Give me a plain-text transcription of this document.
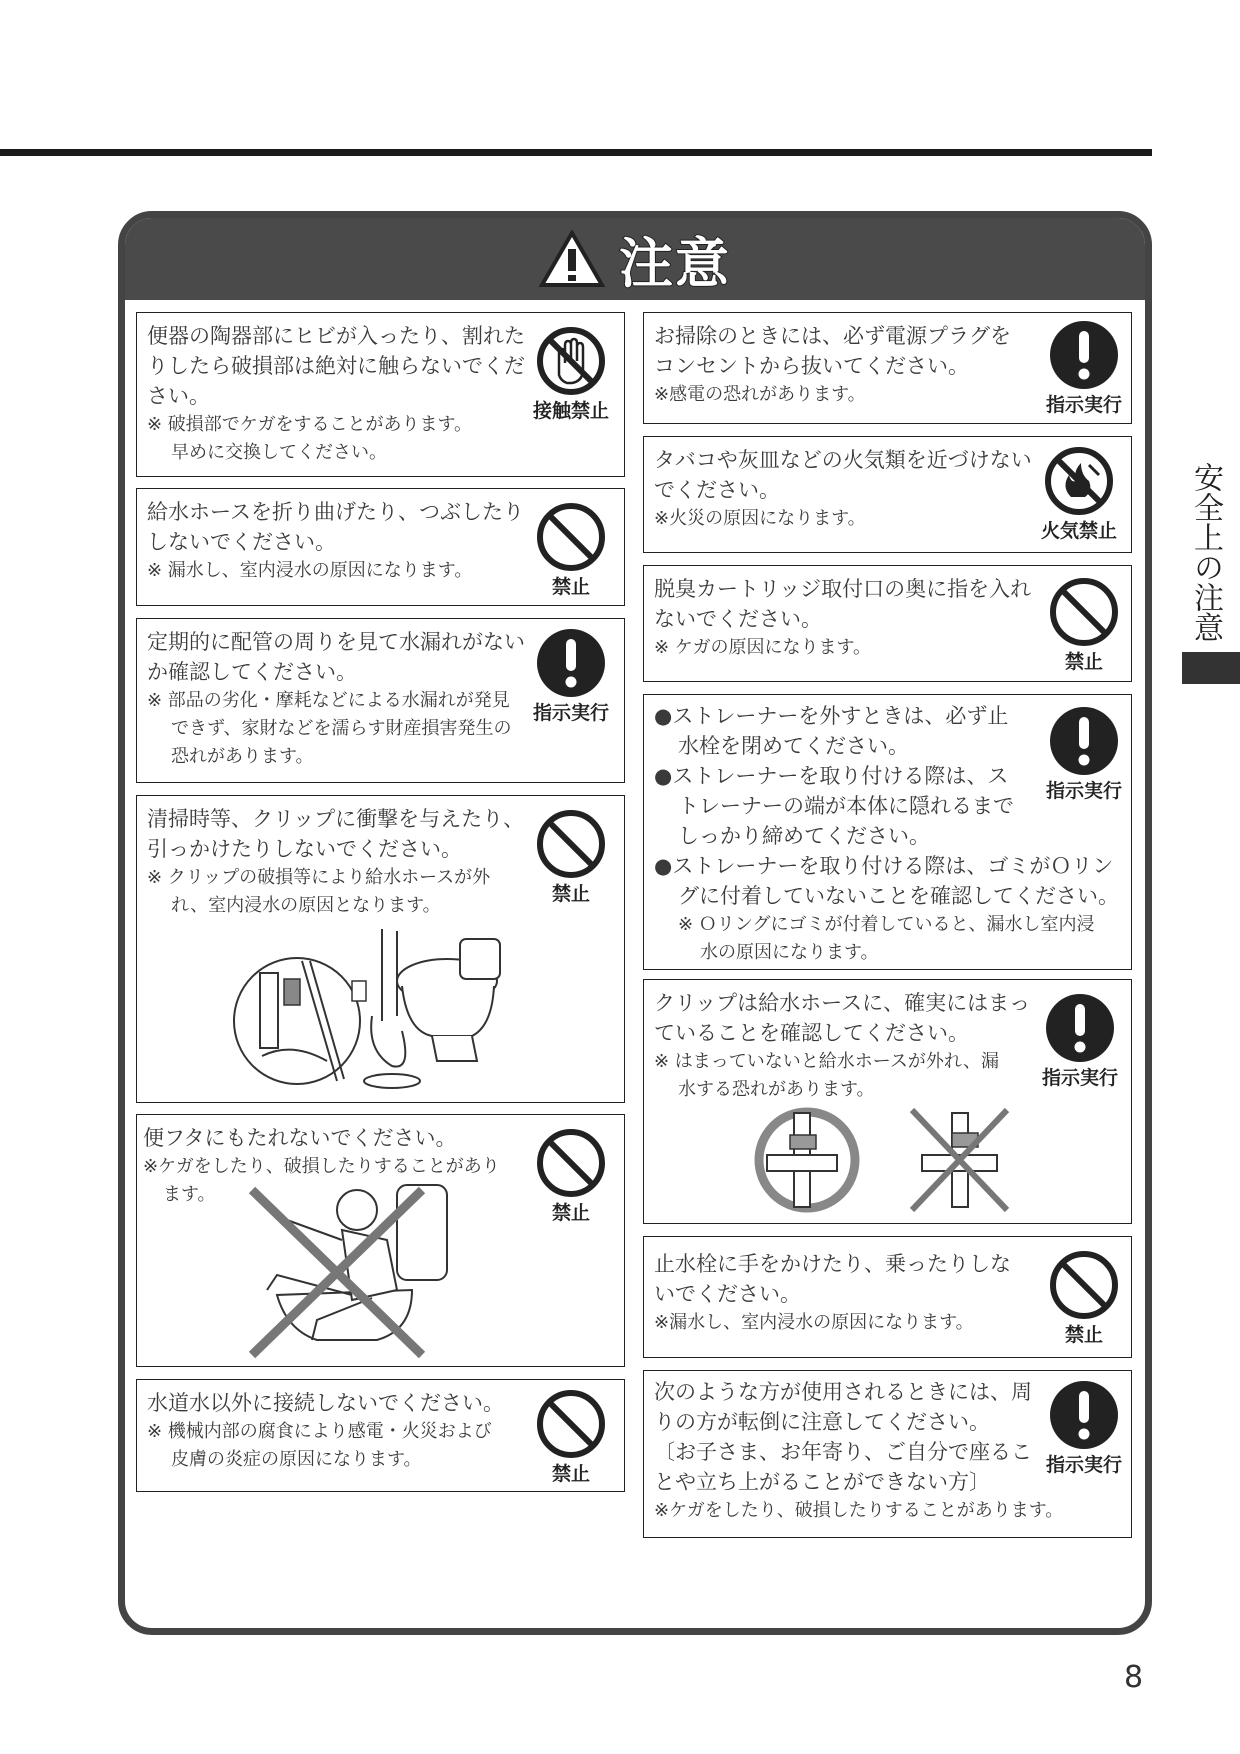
注意
便器の陶器部にヒビが入ったり、割れた
りしたら破損部は絶対に触らないでくだ
さい。
※ 破損部でケガをすることがあります。
早めに交換してください。
接触禁止
給水ホースを折り曲げたり、つぶしたり
しないでください。
※ 漏水し、室内浸水の原因になります。
禁止
定期的に配管の周りを見て水漏れがない
か確認してください。
※ 部品の劣化・摩耗などによる水漏れが発見
できず、家財などを濡らす財産損害発生の
恐れがあります。
指示実行
清掃時等、クリップに衝撃を与えたり、
引っかけたりしないでください。
※ クリップの破損等により給水ホースが外
れ、室内浸水の原因となります。
禁止
便フタにもたれないでください。
※ケガをしたり、破損したりすることがあり
ます。
禁止
水道水以外に接続しないでください。
※ 機械内部の腐食により感電・火災および
皮膚の炎症の原因になります。
禁止
お掃除のときには、必ず電源プラグを
コンセントから抜いてください。
※感電の恐れがあります。	指示実行
タバコや灰皿などの火気類を近づけない
でください。
※火災の原因になります。
火気禁止
脱臭カートリッジ取付口の奥に指を入れ
ないでください。
※ ケガの原因になります。
禁止
●ストレーナーを外すときは、必ず止
水栓を閉めてください。
●ストレーナーを取り付ける際は、ス
トレーナーの端が本体に隠れるまで
しっかり締めてください。
●ストレーナーを取り付ける際は、ゴミがＯリン
グに付着していないことを確認してください。
※ Ｏリングにゴミが付着していると、漏水し室内浸
水の原因になります。
指示実行
クリップは給水ホースに、確実にはまっ
ていることを確認してください。
※ はまっていないと給水ホースが外れ、漏
水する恐れがあります。
指示実行
止水栓に手をかけたり、乗ったりしな
いでください。
※漏水し、室内浸水の原因になります。
禁止
次のような方が使用されるときには、周
りの方が転倒に注意してください。
〔お子さま、お年寄り、ご自分で座るこ
とや立ち上がることができない方〕
※ケガをしたり、破損したりすることがあります。
指示実行
安全上の注意
8
